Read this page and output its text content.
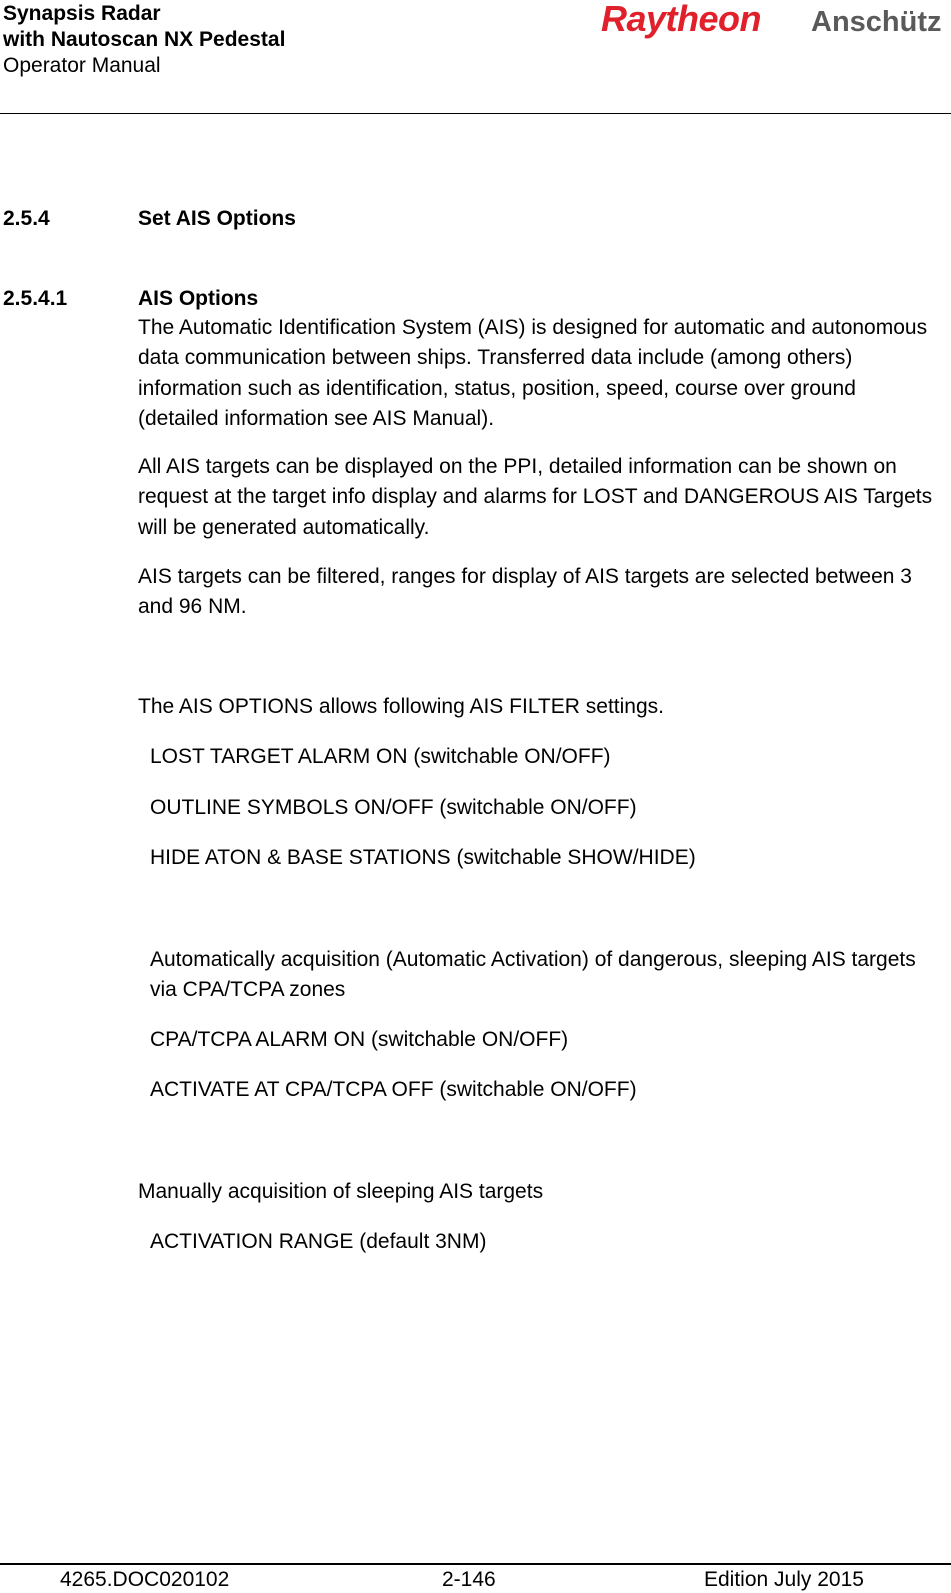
Synapsis Radar
with Nautoscan NX Pedestal
Operator Manual
Raytheon Anschütz
2.5.4	Set AIS Options
2.5.4.1	AIS Options

The Automatic Identification System (AIS) is designed for automatic and autonomous data communication between ships. Transferred data include (among others) information such as identification, status, position, speed, course over ground (detailed information see AIS Manual).

All AIS targets can be displayed on the PPI, detailed information can be shown on request at the target info display and alarms for LOST and DANGEROUS AIS Targets will be generated automatically.

AIS targets can be filtered, ranges for display of AIS targets are selected between 3 and 96 NM.

The AIS OPTIONS allows following AIS FILTER settings.

LOST TARGET ALARM ON (switchable ON/OFF)

OUTLINE SYMBOLS ON/OFF (switchable ON/OFF)

HIDE ATON & BASE STATIONS (switchable SHOW/HIDE)

Automatically acquisition (Automatic Activation) of dangerous, sleeping AIS targets via CPA/TCPA zones

CPA/TCPA ALARM ON (switchable ON/OFF)

ACTIVATE AT CPA/TCPA OFF (switchable ON/OFF)

Manually acquisition of sleeping AIS targets

ACTIVATION RANGE (default 3NM)

4265.DOC020102	2-146	Edition July 2015
